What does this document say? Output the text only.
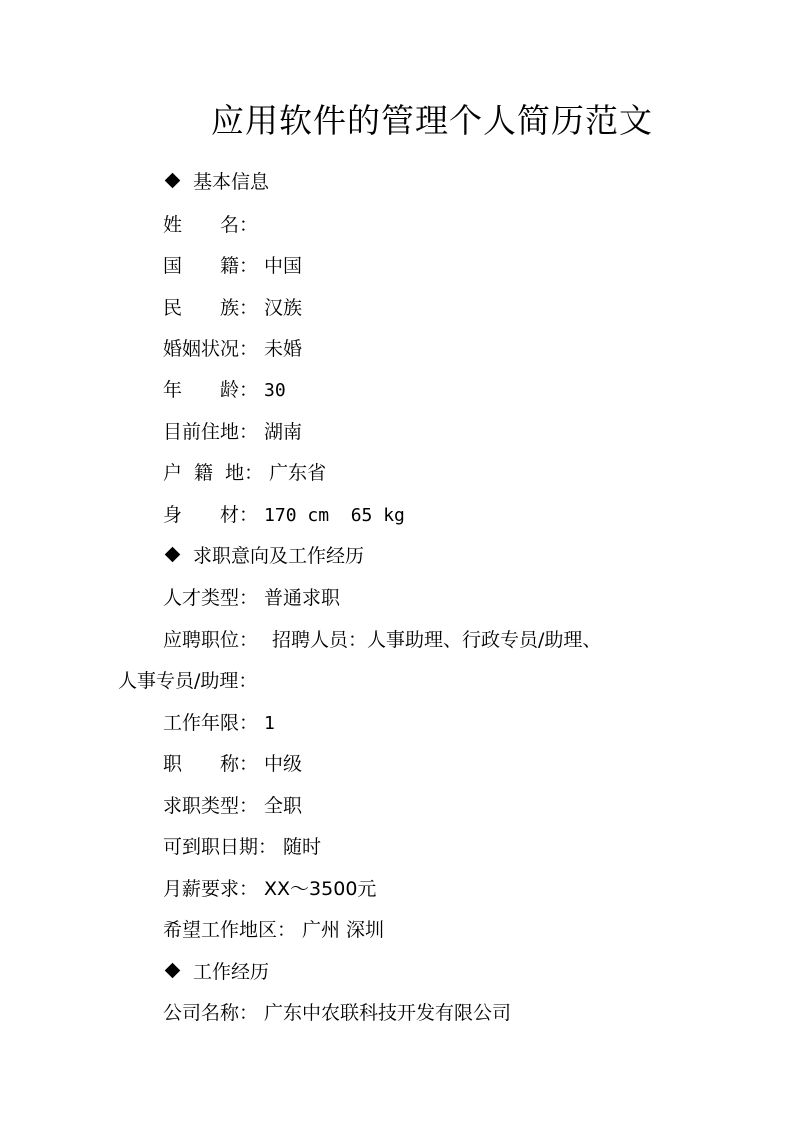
应用软件的管理个人简历范文
基本信息
姓　　名：
国　　籍： 中国
民　　族： 汉族
婚姻状况： 未婚
年　　龄： 30
目前住地： 湖南
户 籍 地： 广东省
身　　材： 170 cm  65 kg
求职意向及工作经历
人才类型： 普通求职
应聘职位： 招聘人员：人事助理、行政专员/助理、
人事专员/助理：
工作年限： 1
职　　称： 中级
求职类型： 全职
可到职日期： 随时
月薪要求： XX～3500元
希望工作地区： 广州 深圳
工作经历
公司名称： 广东中农联科技开发有限公司
